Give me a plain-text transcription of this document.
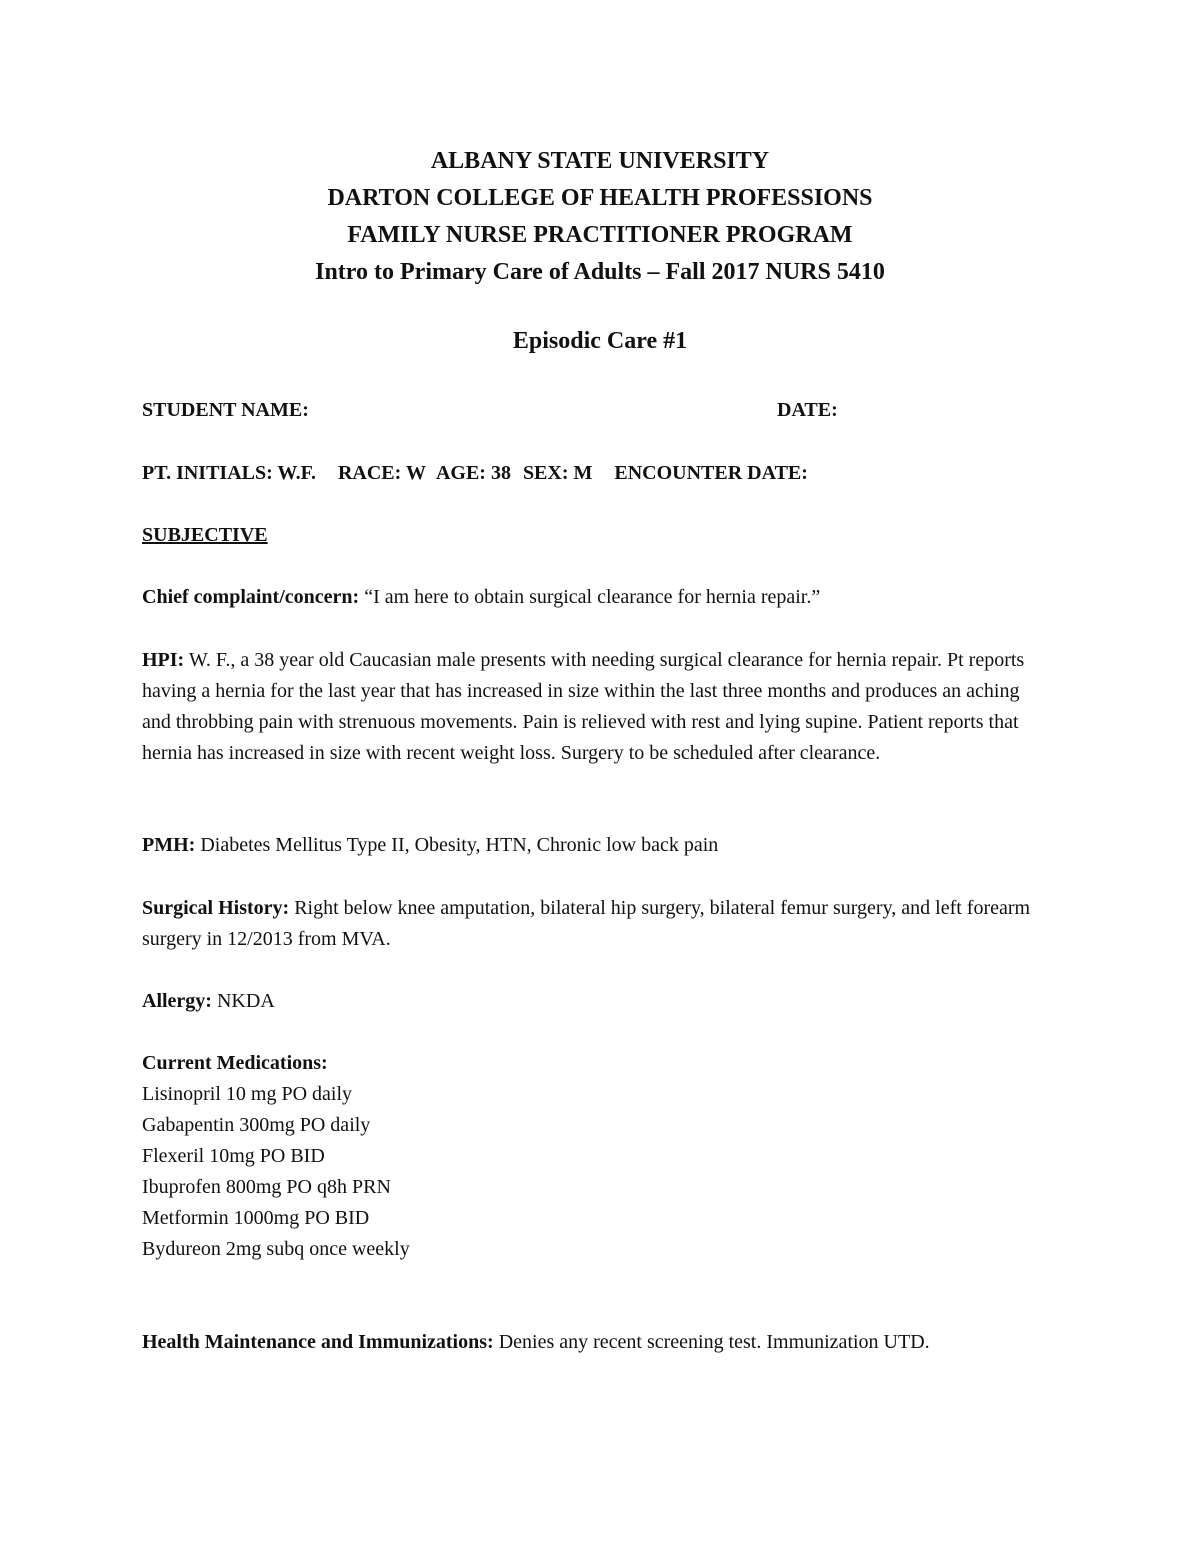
ALBANY STATE UNIVERSITY
DARTON COLLEGE OF HEALTH PROFESSIONS
FAMILY NURSE PRACTITIONER PROGRAM
Intro to Primary Care of Adults – Fall 2017 NURS 5410
Episodic Care #1
STUDENT NAME:	DATE:
PT. INITIALS: W.F. RACE: W AGE: 38 SEX: M ENCOUNTER DATE:
SUBJECTIVE

Chief complaint/concern: “I am here to obtain surgical clearance for hernia repair.”

HPI: W. F., a 38 year old Caucasian male presents with needing surgical clearance for hernia repair. Pt reports having a hernia for the last year that has increased in size within the last three months and produces an aching and throbbing pain with strenuous movements. Pain is relieved with rest and lying supine. Patient reports that hernia has increased in size with recent weight loss. Surgery to be scheduled after clearance.

PMH: Diabetes Mellitus Type II, Obesity, HTN, Chronic low back pain

Surgical History: Right below knee amputation, bilateral hip surgery, bilateral femur surgery, and left forearm surgery in 12/2013 from MVA.

Allergy: NKDA

Current Medications:
Lisinopril 10 mg PO daily
Gabapentin 300mg PO daily
Flexeril 10mg PO BID
Ibuprofen 800mg PO q8h PRN
Metformin 1000mg PO BID
Bydureon 2mg subq once weekly

Health Maintenance and Immunizations: Denies any recent screening test. Immunization UTD.
